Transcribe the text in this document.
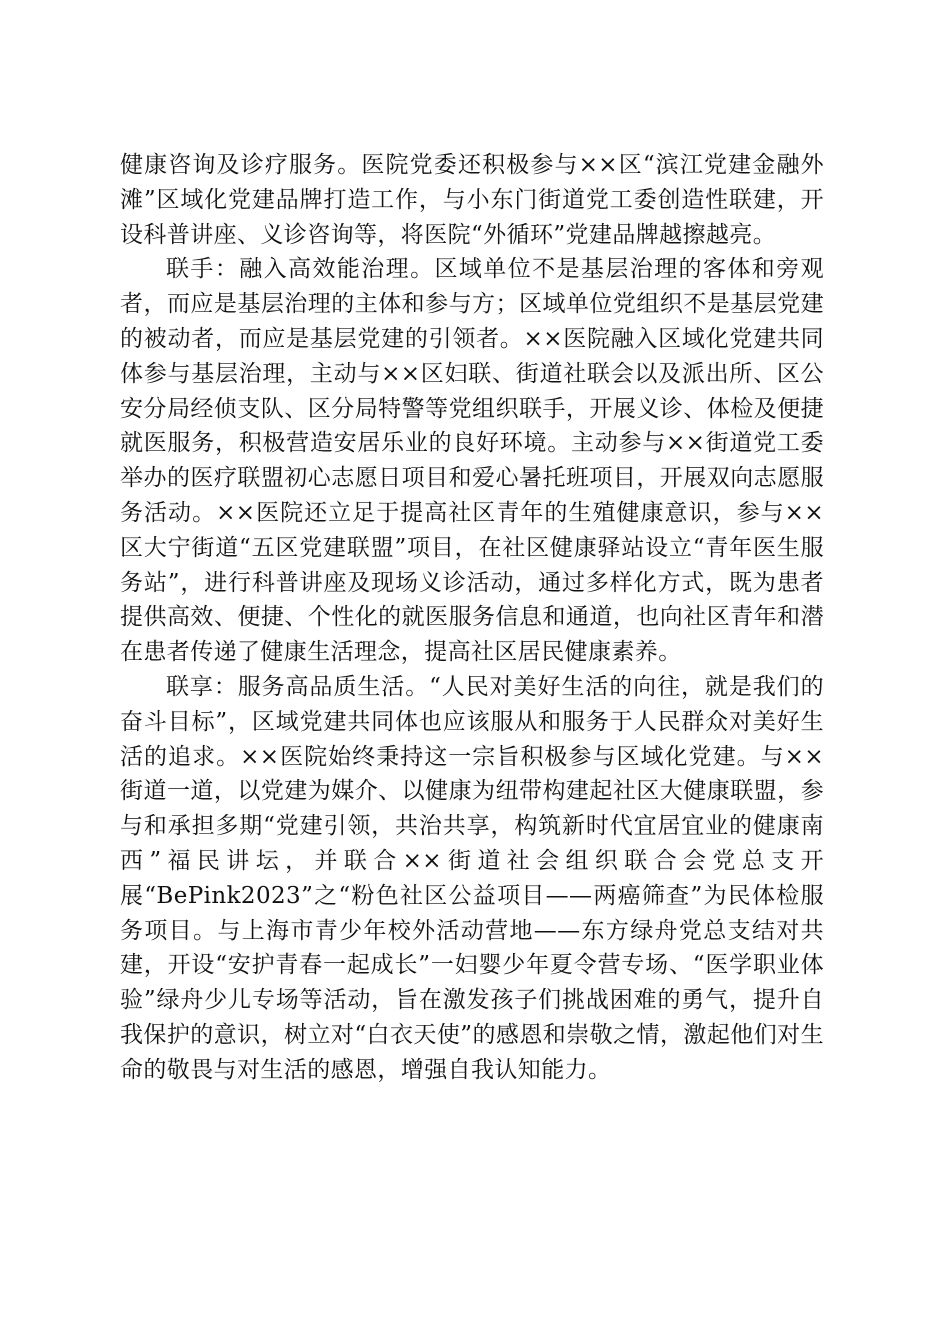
健康咨询及诊疗服务。医院党委还积极参与××区“滨江党建金融外滩”区域化党建品牌打造工作，与小东门街道党工委创造性联建，开设科普讲座、义诊咨询等，将医院“外循环”党建品牌越擦越亮。

联手：融入高效能治理。区域单位不是基层治理的客体和旁观者，而应是基层治理的主体和参与方；区域单位党组织不是基层党建的被动者，而应是基层党建的引领者。××医院融入区域化党建共同体参与基层治理，主动与××区妇联、街道社联会以及派出所、区公安分局经侦支队、区分局特警等党组织联手，开展义诊、体检及便捷就医服务，积极营造安居乐业的良好环境。主动参与××街道党工委举办的医疗联盟初心志愿日项目和爱心暑托班项目，开展双向志愿服务活动。××医院还立足于提高社区青年的生殖健康意识，参与××区大宁街道“五区党建联盟”项目，在社区健康驿站设立“青年医生服务站”，进行科普讲座及现场义诊活动，通过多样化方式，既为患者提供高效、便捷、个性化的就医服务信息和通道，也向社区青年和潜在患者传递了健康生活理念，提高社区居民健康素养。

联享：服务高品质生活。“人民对美好生活的向往，就是我们的奋斗目标”，区域党建共同体也应该服从和服务于人民群众对美好生活的追求。××医院始终秉持这一宗旨积极参与区域化党建。与××街道一道，以党建为媒介、以健康为纽带构建起社区大健康联盟，参与和承担多期“党建引领，共治共享，构筑新时代宜居宜业的健康南西”福民讲坛，并联合××街道社会组织联合会党总支开展“BePink2023”之“粉色社区公益项目——两癌筛查”为民体检服务项目。与上海市青少年校外活动营地——东方绿舟党总支结对共建，开设“安护青春一起成长”一妇婴少年夏令营专场、“医学职业体验”绿舟少儿专场等活动，旨在激发孩子们挑战困难的勇气，提升自我保护的意识，树立对“白衣天使”的感恩和崇敬之情，激起他们对生命的敬畏与对生活的感恩，增强自我认知能力。
